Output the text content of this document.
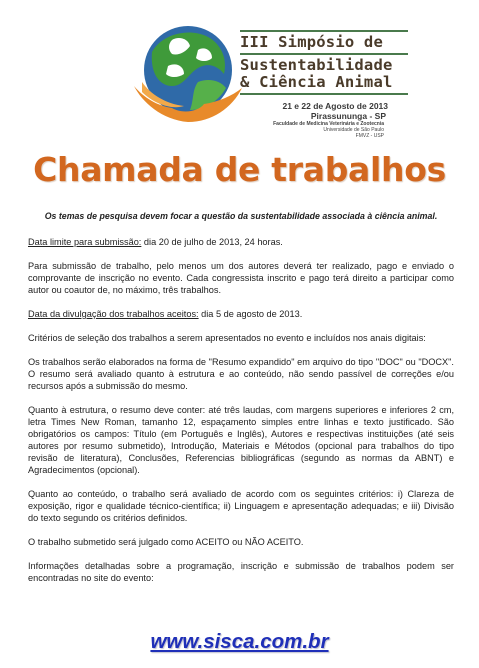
III Simpósio de
Sustentabilidade
& Ciência Animal
21 e 22 de Agosto de 2013
Pirassununga - SP
Faculdade de Medicina Veterinária e Zootecnia
Universidade de São Paulo
FMVZ - USP
Chamada de trabalhos

Os temas de pesquisa devem focar a questão da sustentabilidade associada à ciência animal.

Data limite para submissão: dia 20 de julho de 2013, 24 horas.

Para submissão de trabalho, pelo menos um dos autores deverá ter realizado, pago e enviado o comprovante de inscrição no evento. Cada congressista inscrito e pago terá direito a participar como autor ou coautor de, no máximo, três trabalhos.

Data da divulgação dos trabalhos aceitos: dia 5 de agosto de 2013.

Critérios de seleção dos trabalhos a serem apresentados no evento e incluídos nos anais digitais:

Os trabalhos serão elaborados na forma de "Resumo expandido" em arquivo do tipo "DOC" ou "DOCX". O resumo será avaliado quanto à estrutura e ao conteúdo, não sendo passível de correções e/ou recursos após a submissão do mesmo.

Quanto à estrutura, o resumo deve conter: até três laudas, com margens superiores e inferiores 2 cm, letra Times New Roman, tamanho 12, espaçamento simples entre linhas e texto justificado. São obrigatórios os campos: Título (em Português e Inglês), Autores e respectivas instituições (até seis autores por resumo submetido), Introdução, Materiais e Métodos (opcional para trabalhos do tipo revisão de literatura), Conclusões, Referencias bibliográficas (segundo as normas da ABNT) e Agradecimentos (opcional).

Quanto ao conteúdo, o trabalho será avaliado de acordo com os seguintes critérios: i) Clareza de exposição, rigor e qualidade técnico-científica; ii) Linguagem e apresentação adequadas; e iii) Divisão do texto segundo os critérios definidos.

O trabalho submetido será julgado como ACEITO ou NÃO ACEITO.

Informações detalhadas sobre a programação, inscrição e submissão de trabalhos podem ser encontradas no site do evento:

www.sisca.com.br
